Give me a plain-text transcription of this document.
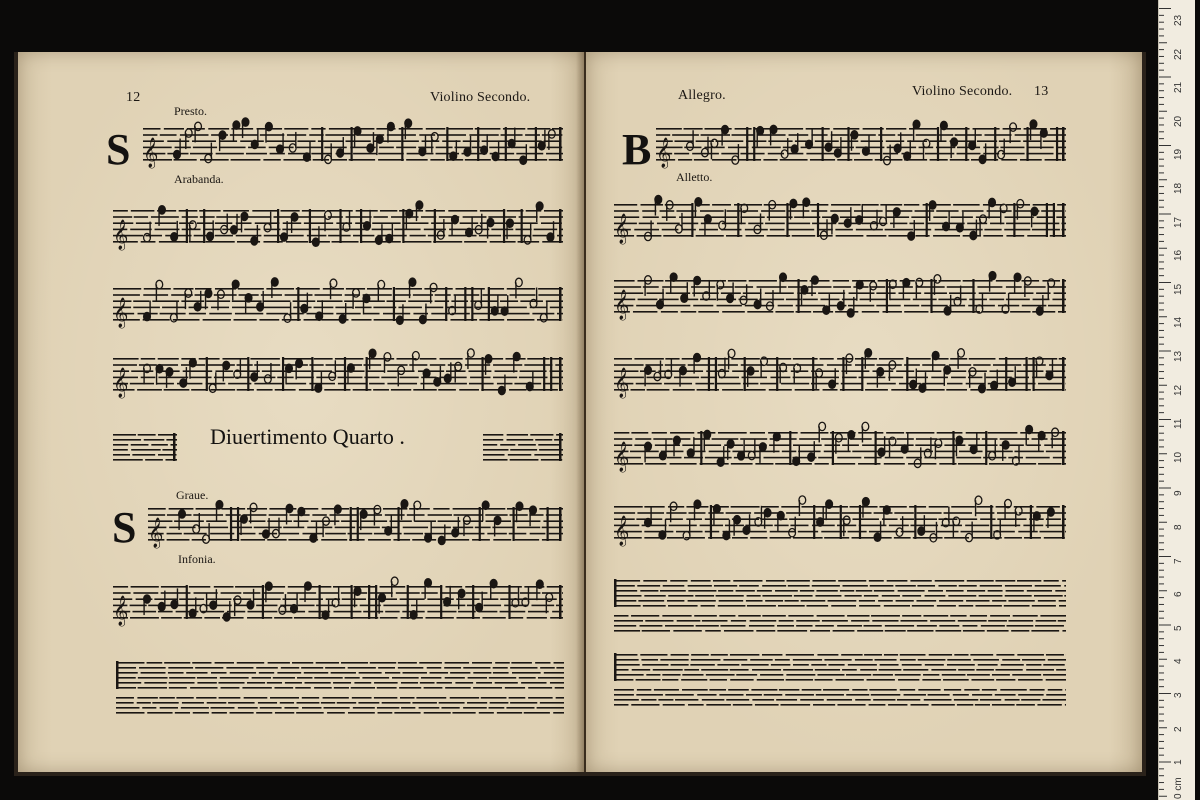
12	Violino Secondo.
S
Presto.
𝄞
Arabanda.
𝄞
𝄞
𝄞
Diuertimento Quarto .
Graue.
S 𝄞
Infonia.
𝄞
Allegro.	Violino Secondo. 13
B 𝄞
Alletto.
𝄞
𝄞
𝄞
𝄞
𝄞
23
22
21
20
19
18
17
16
15
14
13
12
11
10
9
8
7
6
5
4
3
2
1
0 cm
